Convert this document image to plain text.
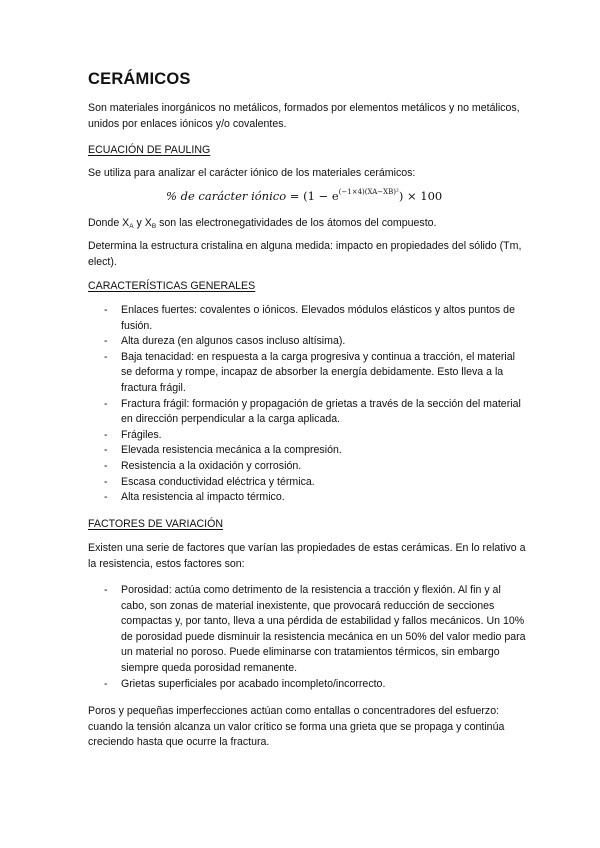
CERÁMICOS
Son materiales inorgánicos no metálicos, formados por elementos metálicos y no metálicos, unidos por enlaces iónicos y/o covalentes.
ECUACIÓN DE PAULING
Se utiliza para analizar el carácter iónico de los materiales cerámicos:
% de carácter iónico = $(1 - e^{(-1\times 4)(XA-XB)^2}) \times 100$
Donde $X_A$ y $X_B$ son las electronegatividades de los átomos del compuesto.
Determina la estructura cristalina en alguna medida: impacto en propiedades del sólido (Tm, elect).
CARACTERÍSTICAS GENERALES
- Enlaces fuertes: covalentes o iónicos. Elevados módulos elásticos y altos puntos de fusión.
- Alta dureza (en algunos casos incluso altísima).
- Baja tenacidad: en respuesta a la carga progresiva y continua a tracción, el material se deforma y rompe, incapaz de absorber la energía debidamente. Esto lleva a la fractura frágil.
- Fractura frágil: formación y propagación de grietas a través de la sección del material en dirección perpendicular a la carga aplicada.
- Frágiles.
- Elevada resistencia mecánica a la compresión.
- Resistencia a la oxidación y corrosión.
- Escasa conductividad eléctrica y térmica.
- Alta resistencia al impacto térmico.
FACTORES DE VARIACIÓN
Existen una serie de factores que varían las propiedades de estas cerámicas. En lo relativo a la resistencia, estos factores son:
- Porosidad: actúa como detrimento de la resistencia a tracción y flexión. Al fin y al cabo, son zonas de material inexistente, que provocará reducción de secciones compactas y, por tanto, lleva a una pérdida de estabilidad y fallos mecánicos. Un 10% de porosidad puede disminuir la resistencia mecánica en un 50% del valor medio para un material no poroso. Puede eliminarse con tratamientos térmicos, sin embargo siempre queda porosidad remanente.
- Grietas superficiales por acabado incompleto/incorrecto.
Poros y pequeñas imperfecciones actúan como entallas o concentradores del esfuerzo: cuando la tensión alcanza un valor crítico se forma una grieta que se propaga y continúa creciendo hasta que ocurre la fractura.
